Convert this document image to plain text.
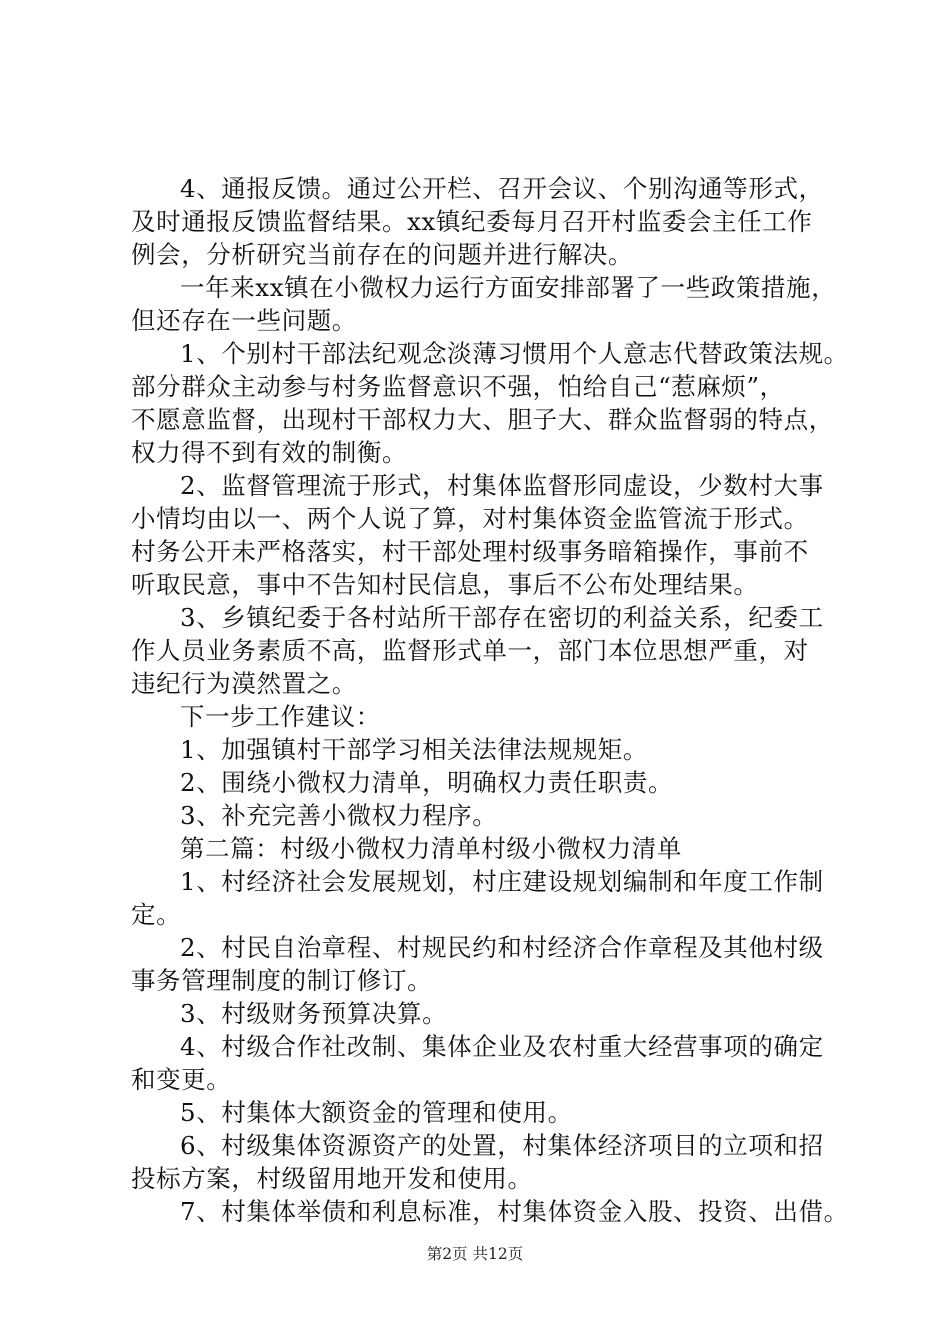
4、通报反馈。通过公开栏、召开会议、个别沟通等形式，
及时通报反馈监督结果。xx镇纪委每月召开村监委会主任工作
例会，分析研究当前存在的问题并进行解决。
一年来xx镇在小微权力运行方面安排部署了一些政策措施，
但还存在一些问题。
1、个别村干部法纪观念淡薄习惯用个人意志代替政策法规。
部分群众主动参与村务监督意识不强，怕给自己“惹麻烦”，
不愿意监督，出现村干部权力大、胆子大、群众监督弱的特点，
权力得不到有效的制衡。
2、监督管理流于形式，村集体监督形同虚设，少数村大事
小情均由以一、两个人说了算，对村集体资金监管流于形式。
村务公开未严格落实，村干部处理村级事务暗箱操作，事前不
听取民意，事中不告知村民信息，事后不公布处理结果。
3、乡镇纪委于各村站所干部存在密切的利益关系，纪委工
作人员业务素质不高，监督形式单一，部门本位思想严重，对
违纪行为漠然置之。
下一步工作建议：
1、加强镇村干部学习相关法律法规规矩。
2、围绕小微权力清单，明确权力责任职责。
3、补充完善小微权力程序。
第二篇：村级小微权力清单村级小微权力清单
1、村经济社会发展规划，村庄建设规划编制和年度工作制
定。
2、村民自治章程、村规民约和村经济合作章程及其他村级
事务管理制度的制订修订。
3、村级财务预算决算。
4、村级合作社改制、集体企业及农村重大经营事项的确定
和变更。
5、村集体大额资金的管理和使用。
6、村级集体资源资产的处置，村集体经济项目的立项和招
投标方案，村级留用地开发和使用。
7、村集体举债和利息标准，村集体资金入股、投资、出借。
第2页 共12页
